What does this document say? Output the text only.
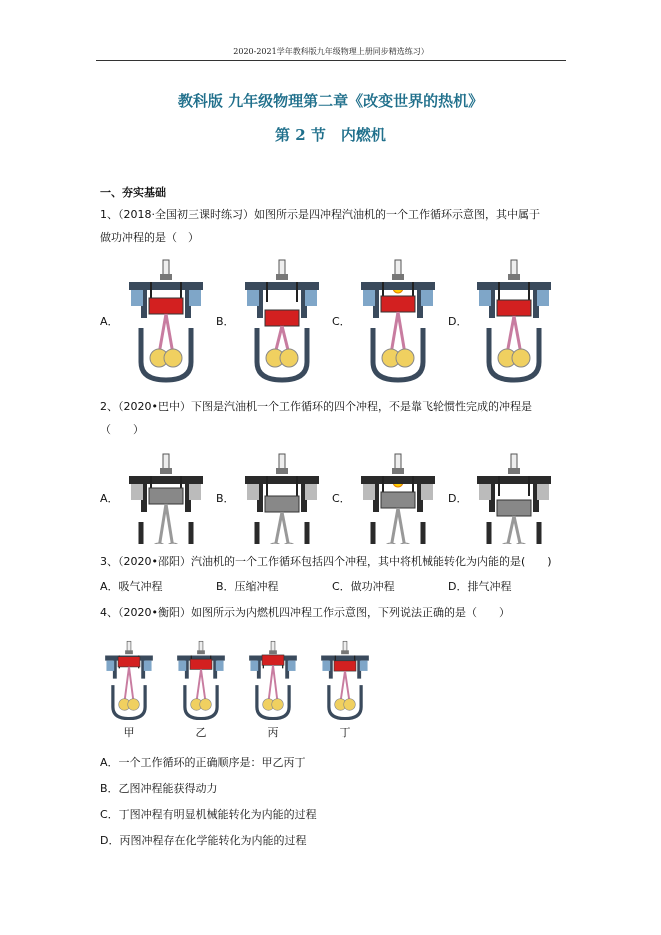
2020-2021学年教科版九年级物理上册同步精选练习）
教科版 九年级物理第二章《改变世界的热机》
第 2 节　内燃机
一、夯实基础
1、（2018·全国初三课时练习）如图所示是四冲程汽油机的一个工作循环示意图，其中属于
做功冲程的是（　）
A．	B．	C．	D．
2、（2020•巴中）下图是汽油机一个工作循环的四个冲程，不是靠飞轮惯性完成的冲程是
（　　）
A．	B．	C．	D．
3、（2020•邵阳）汽油机的一个工作循环包括四个冲程，其中将机械能转化为内能的是(　　)
A．吸气冲程	B．压缩冲程	C．做功冲程	D．排气冲程
4、（2020•衡阳）如图所示为内燃机四冲程工作示意图，下列说法正确的是（　　）
甲	乙	丙	丁
A．一个工作循环的正确顺序是：甲乙丙丁
B．乙图冲程能获得动力
C．丁图冲程有明显机械能转化为内能的过程
D．丙图冲程存在化学能转化为内能的过程
